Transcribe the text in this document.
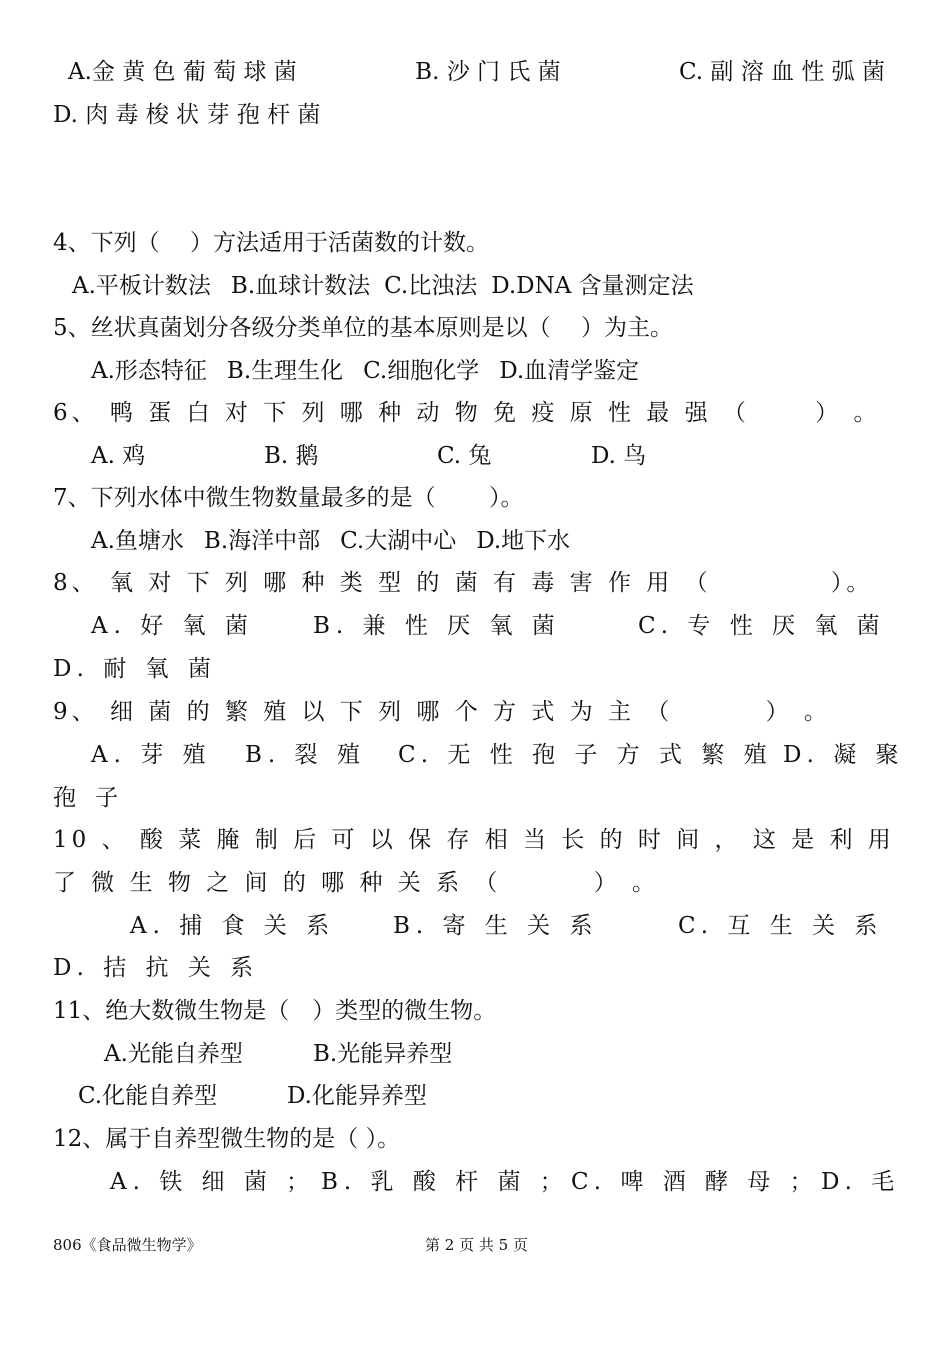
A.金 黄 色 葡 萄 球 菌	B. 沙 门 氏 菌	C. 副 溶 血 性 弧 菌
D. 肉 毒 梭 状 芽 孢 杆 菌
4、下列（　 ）方法适用于活菌数的计数。
A.平板计数法 B.血球计数法 C.比浊法 D.DNA 含量测定法
5、丝状真菌划分各级分类单位的基本原则是以（　 ）为主。
A.形态特征 B.生理生化 C.细胞化学 D.血清学鉴定
6、 鸭 蛋 白 对 下 列 哪 种 动 物 免 疫 原 性 最 强 （　　 ） 。
A. 鸡	B. 鹅	C. 兔	D. 鸟
7、下列水体中微生物数量最多的是（　　 ）。
A.鱼塘水 B.海洋中部 C.大湖中心 D.地下水
8、 氧 对 下 列 哪 种 类 型 的 菌 有 毒 害 作 用 （　　　　 ）。
A. 好 氧 菌	B. 兼 性 厌 氧 菌	C. 专 性 厌 氧 菌
D. 耐 氧 菌
9、 细 菌 的 繁 殖 以 下 列 哪 个 方 式 为 主 （　　　 ） 。
A. 芽 殖 B. 裂 殖 C. 无 性 孢 子 方 式 繁 殖 D. 凝 聚
孢 子
10 、 酸 菜 腌 制 后 可 以 保 存 相 当 长 的 时 间 ， 这 是 利 用
了 微 生 物 之 间 的 哪 种 关 系 （　　　 ） 。
A. 捕 食 关 系	B. 寄 生 关 系	C. 互 生 关 系
D. 拮 抗 关 系
11、绝大数微生物是（　）类型的微生物。
A.光能自养型	B.光能异养型
C.化能自养型	D.化能异养型
12、属于自养型微生物的是（ ）。
A. 铁 细 菌 ； B. 乳 酸 杆 菌 ； C. 啤 酒 酵 母 ； D. 毛
806《食品微生物学》	第 2 页 共 5 页
